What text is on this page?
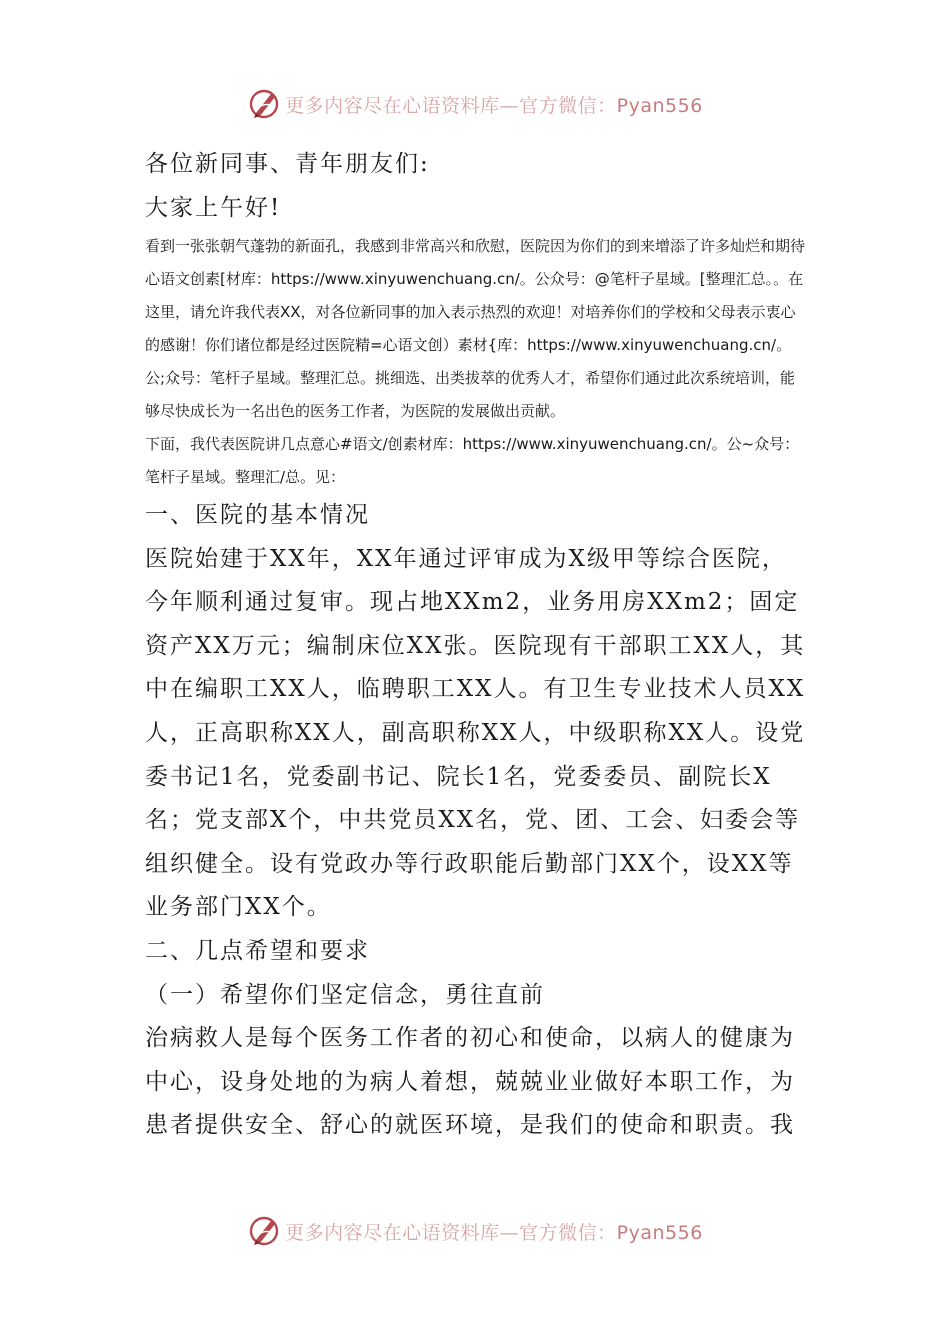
更多内容尽在心语资料库—官方微信：Pyan556

各位新同事、青年朋友们:

大家上午好!

看到一张张朝气蓬勃的新面孔，我感到非常高兴和欣慰，医院因为你们的到来增添了许多灿烂和期待心语文创素[材库：https://www.xinyuwenchuang.cn/。公众号：@笔杆子星域。[整理汇总。。在这里，请允许我代表XX，对各位新同事的加入表示热烈的欢迎！对培养你们的学校和父母表示衷心的感谢！你们诸位都是经过医院精=心语文创）素材{库：https://www.xinyuwenchuang.cn/。公;众号：笔杆子星域。整理汇总。挑细选、出类拔萃的优秀人才，希望你们通过此次系统培训，能够尽快成长为一名出色的医务工作者，为医院的发展做出贡献。

下面，我代表医院讲几点意心#语文/创素材库：https://www.xinyuwenchuang.cn/。公~众号：笔杆子星域。整理汇/总。见：

一、医院的基本情况

医院始建于XX年，XX年通过评审成为X级甲等综合医院，今年顺利通过复审。现占地XXm2，业务用房XXm2；固定资产XX万元；编制床位XX张。医院现有干部职工XX人，其中在编职工XX人，临聘职工XX人。有卫生专业技术人员XX人，正高职称XX人，副高职称XX人，中级职称XX人。设党委书记1名，党委副书记、院长1名，党委委员、副院长X名；党支部X个，中共党员XX名，党、团、工会、妇委会等组织健全。设有党政办等行政职能后勤部门XX个，设XX等业务部门XX个。

二、几点希望和要求

（一）希望你们坚定信念，勇往直前

治病救人是每个医务工作者的初心和使命，以病人的健康为中心，设身处地的为病人着想，兢兢业业做好本职工作，为患者提供安全、舒心的就医环境，是我们的使命和职责。我

更多内容尽在心语资料库—官方微信：Pyan556
